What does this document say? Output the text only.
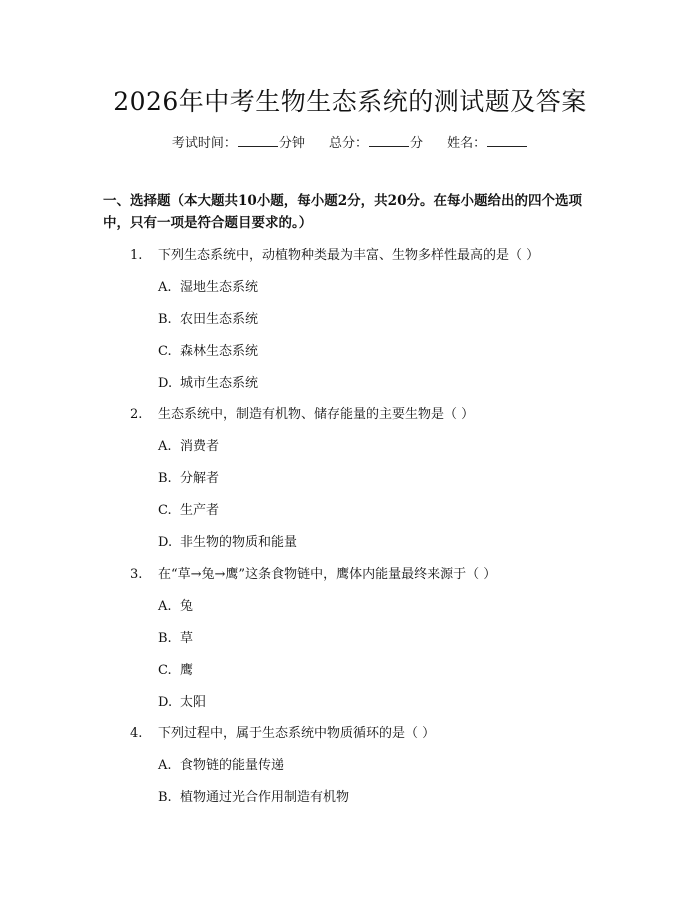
2026年中考生物生态系统的测试题及答案
考试时间：	分钟 总分：	分 姓名：
一、选择题（本大题共10小题，每小题2分，共20分。在每小题给出的四个选项中，只有一项是符合题目要求的。）
1. 下列生态系统中，动植物种类最为丰富、生物多样性最高的是（ ）
A. 湿地生态系统
B. 农田生态系统
C. 森林生态系统
D. 城市生态系统
2. 生态系统中，制造有机物、储存能量的主要生物是（ ）
A. 消费者
B. 分解者
C. 生产者
D. 非生物的物质和能量
3. 在“草→兔→鹰”这条食物链中，鹰体内能量最终来源于（ ）
A. 兔
B. 草
C. 鹰
D. 太阳
4. 下列过程中，属于生态系统中物质循环的是（ ）
A. 食物链的能量传递
B. 植物通过光合作用制造有机物
